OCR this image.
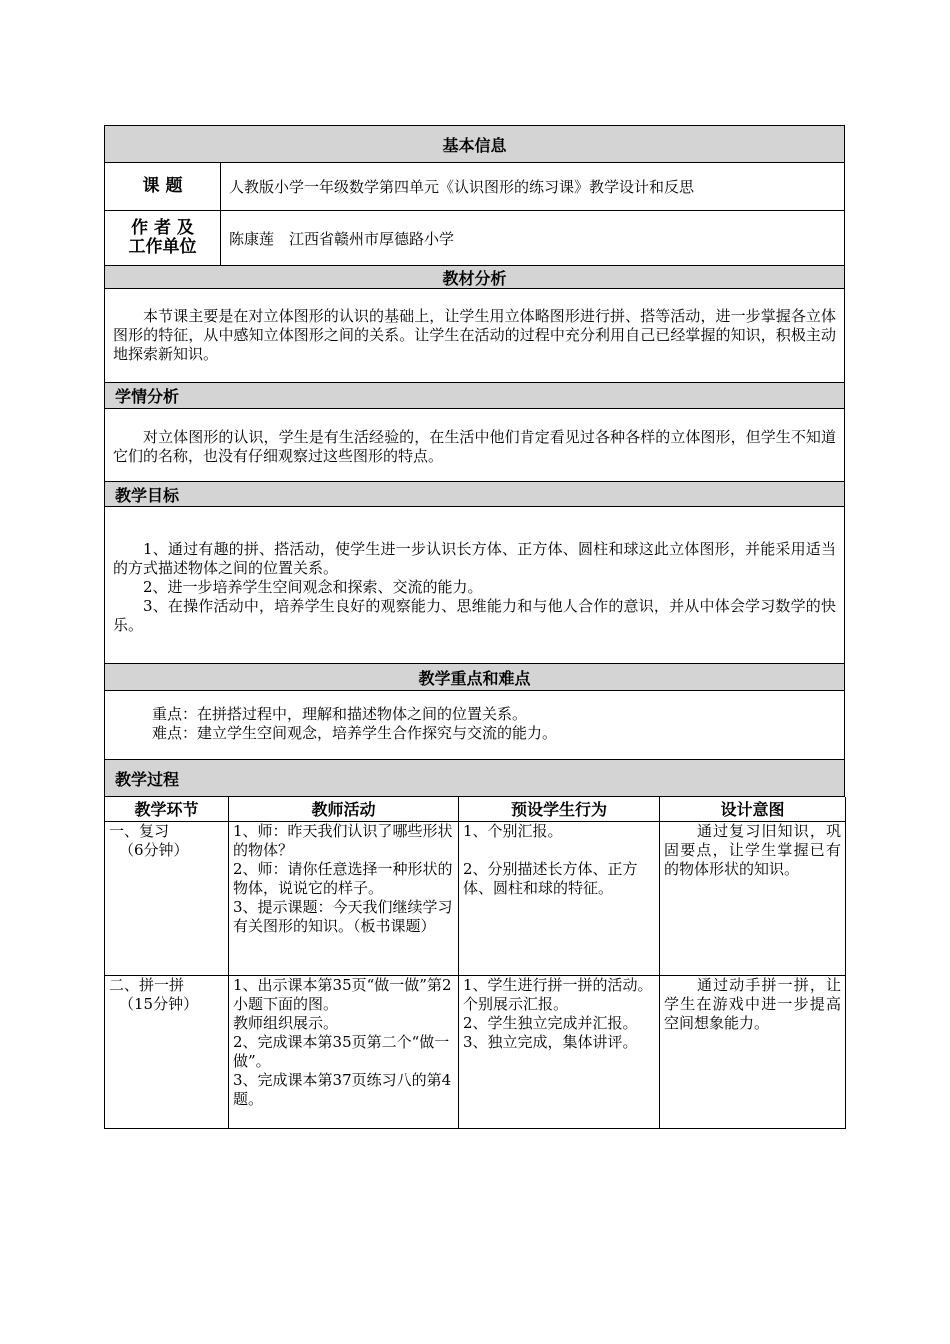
基本信息
课 题	人教版小学一年级数学第四单元《认识图形的练习课》教学设计和反思
作 者 及
工作单位	陈康莲　江西省赣州市厚德路小学
教材分析

本节课主要是在对立体图形的认识的基础上，让学生用立体略图形进行拼、搭等活动，进一步掌握各立体图形的特征，从中感知立体图形之间的关系。让学生在活动的过程中充分利用自己已经掌握的知识，积极主动地探索新知识。

学情分析

对立体图形的认识，学生是有生活经验的，在生活中他们肯定看见过各种各样的立体图形，但学生不知道它们的名称，也没有仔细观察过这些图形的特点。

教学目标

1、通过有趣的拼、搭活动，使学生进一步认识长方体、正方体、圆柱和球这此立体图形，并能采用适当的方式描述物体之间的位置关系。

2、进一步培养学生空间观念和探索、交流的能力。

3、在操作活动中，培养学生良好的观察能力、思维能力和与他人合作的意识，并从中体会学习数学的快乐。

教学重点和难点

重点：在拼搭过程中，理解和描述物体之间的位置关系。

难点：建立学生空间观念，培养学生合作探究与交流的能力。

教学过程
教学环节	教师活动	预设学生行为	设计意图

一、复习
（6分钟）	1、师：昨天我们认识了哪些形状的物体？
2、师：请你任意选择一种形状的物体，说说它的样子。
3、提示课题：今天我们继续学习有关图形的知识。（板书课题）	1、个别汇报。
2、分别描述长方体、正方体、圆柱和球的特征。	通过复习旧知识，巩固要点，让学生掌握已有的物体形状的知识。

二、拼一拼
（15分钟）	1、出示课本第35页“做一做”第2小题下面的图。
教师组织展示。
2、完成课本第35页第二个“做一做”。
3、完成课本第37页练习八的第4题。	1、学生进行拼一拼的活动。
个别展示汇报。
2、学生独立完成并汇报。
3、独立完成，集体讲评。	通过动手拼一拼，让学生在游戏中进一步提高空间想象能力。
